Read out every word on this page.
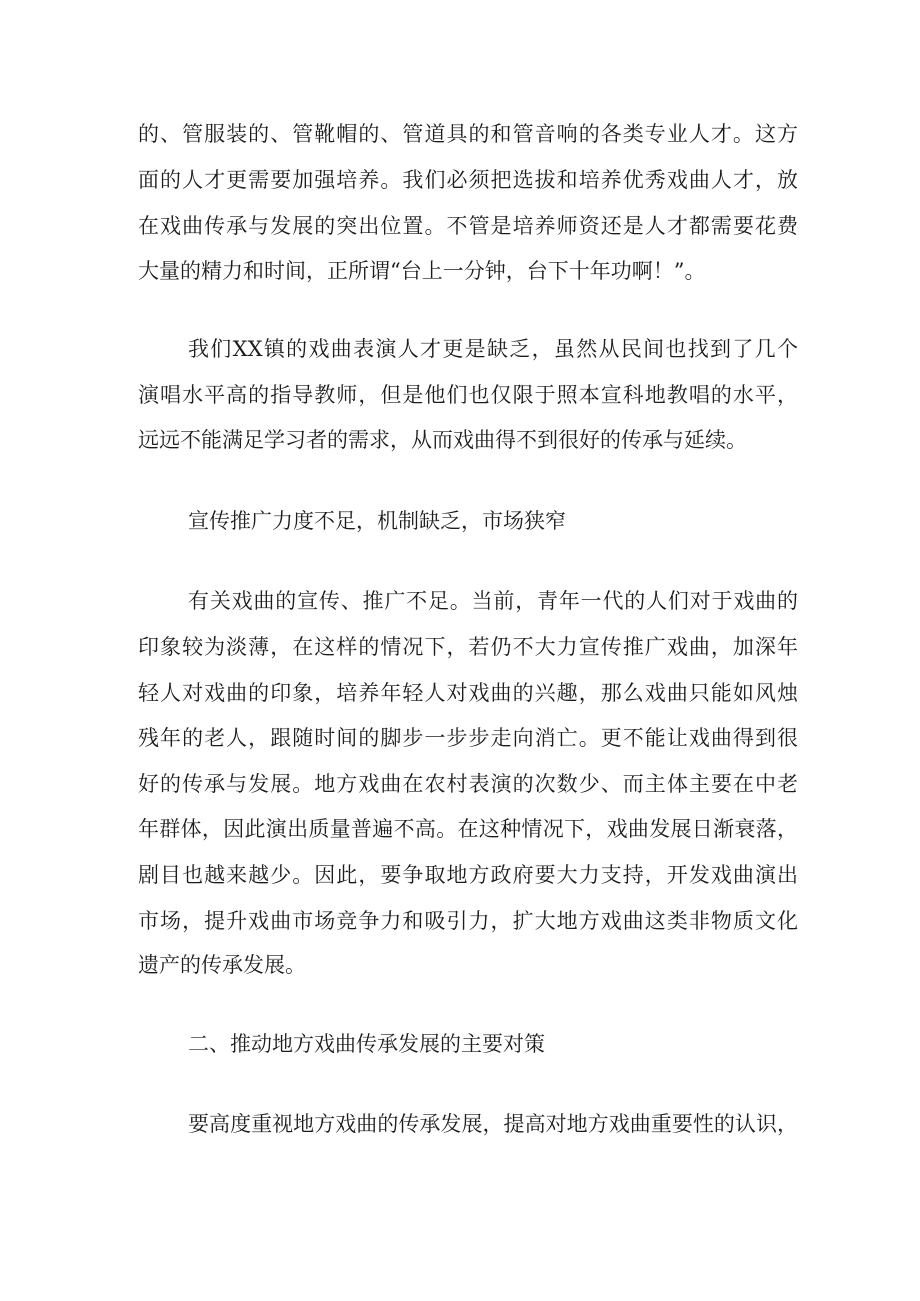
的、管服装的、管靴帽的、管道具的和管音响的各类专业人才。这方
面的人才更需要加强培养。我们必须把选拔和培养优秀戏曲人才，放
在戏曲传承与发展的突出位置。不管是培养师资还是人才都需要花费
大量的精力和时间，正所谓“台上一分钟，台下十年功啊！”。
我们XX镇的戏曲表演人才更是缺乏，虽然从民间也找到了几个
演唱水平高的指导教师，但是他们也仅限于照本宣科地教唱的水平，
远远不能满足学习者的需求，从而戏曲得不到很好的传承与延续。
宣传推广力度不足，机制缺乏，市场狭窄
有关戏曲的宣传、推广不足。当前，青年一代的人们对于戏曲的
印象较为淡薄，在这样的情况下，若仍不大力宣传推广戏曲，加深年
轻人对戏曲的印象，培养年轻人对戏曲的兴趣，那么戏曲只能如风烛
残年的老人，跟随时间的脚步一步步走向消亡。更不能让戏曲得到很
好的传承与发展。地方戏曲在农村表演的次数少、而主体主要在中老
年群体，因此演出质量普遍不高。在这种情况下，戏曲发展日渐衰落，
剧目也越来越少。因此，要争取地方政府要大力支持，开发戏曲演出
市场，提升戏曲市场竞争力和吸引力，扩大地方戏曲这类非物质文化
遗产的传承发展。
二、推动地方戏曲传承发展的主要对策
要高度重视地方戏曲的传承发展，提高对地方戏曲重要性的认识，
